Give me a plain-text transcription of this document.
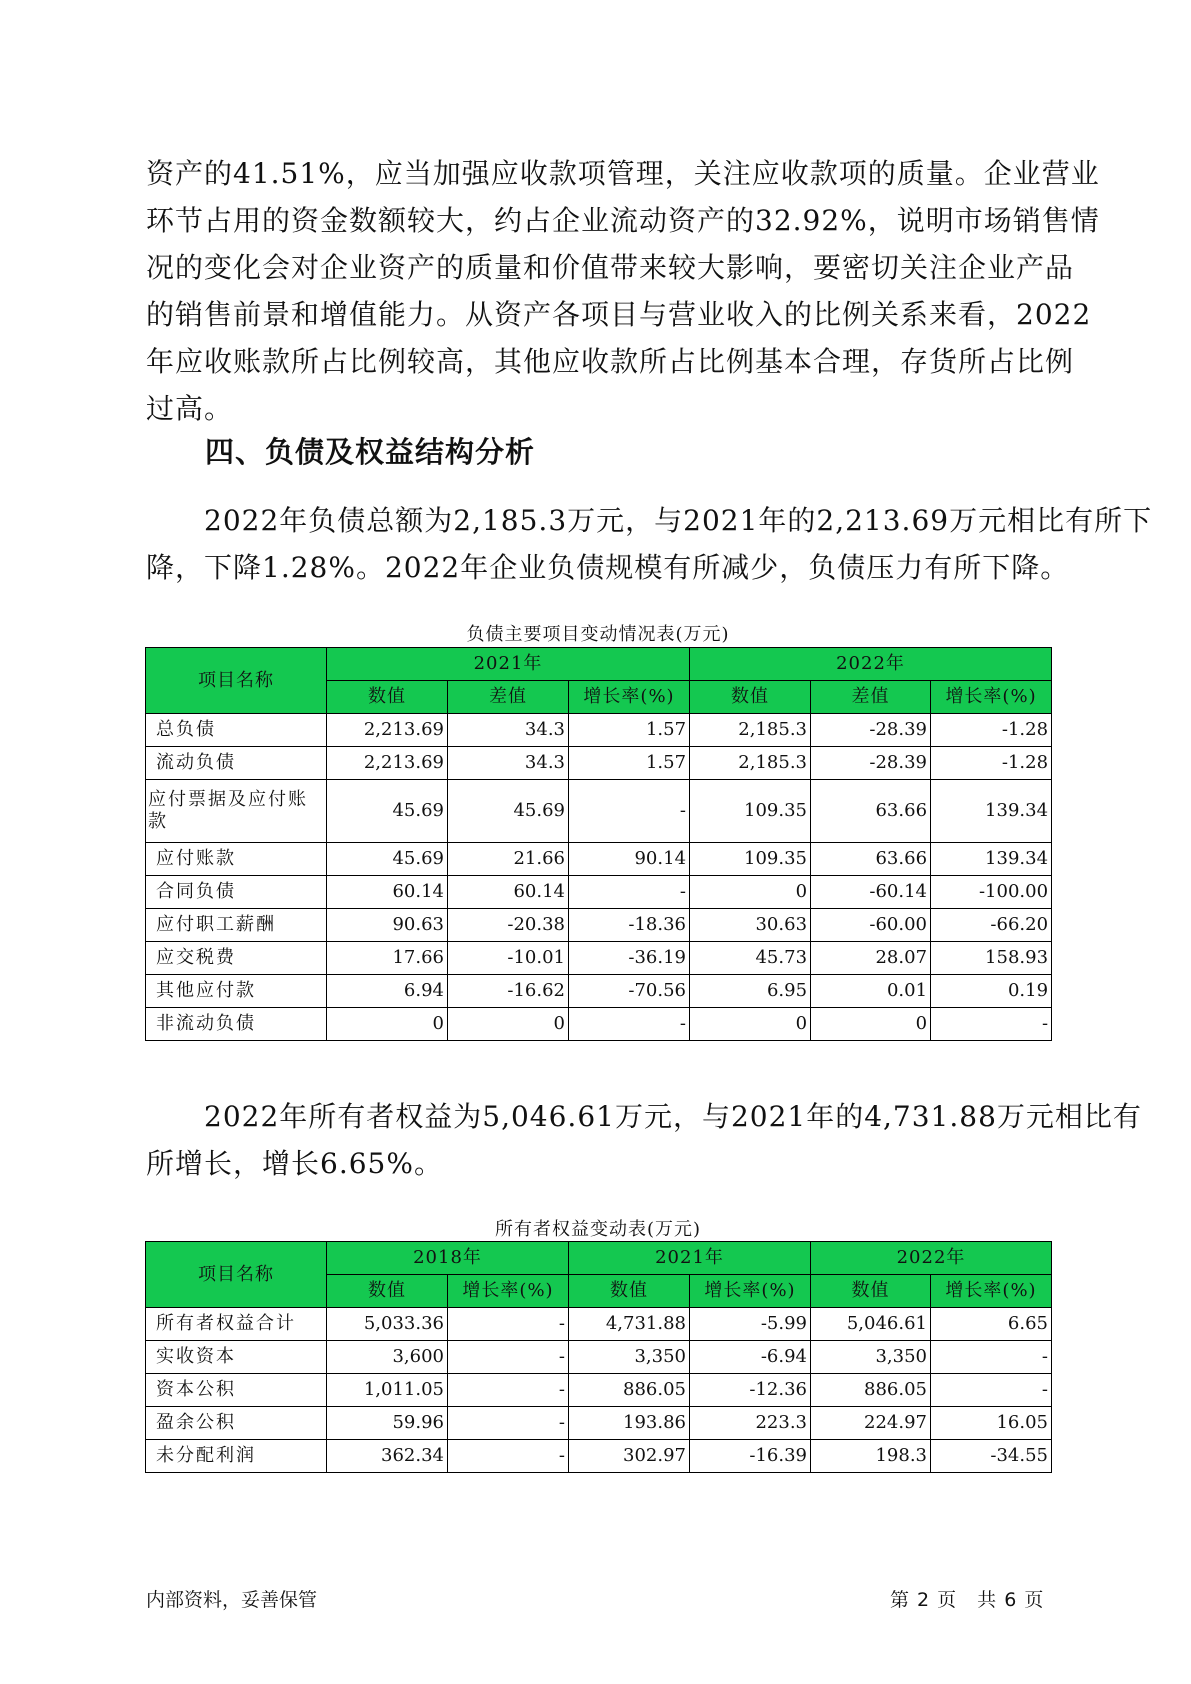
资产的41.51%，应当加强应收款项管理，关注应收款项的质量。企业营业
环节占用的资金数额较大，约占企业流动资产的32.92%，说明市场销售情
况的变化会对企业资产的质量和价值带来较大影响，要密切关注企业产品
的销售前景和增值能力。从资产各项目与营业收入的比例关系来看，2022
年应收账款所占比例较高，其他应收款所占比例基本合理，存货所占比例
过高。

四、负债及权益结构分析

　　2022年负债总额为2,185.3万元，与2021年的2,213.69万元相比有所下
降，下降1.28%。2022年企业负债规模有所减少，负债压力有所下降。

负债主要项目变动情况表(万元)
项目名称	2021年			2022年		
	数值	差值	增长率(%)	数值	差值	增长率(%)
总负债	2,213.69	34.3	1.57	2,185.3	-28.39	-1.28
流动负债	2,213.69	34.3	1.57	2,185.3	-28.39	-1.28
应付票据及应付账款	45.69	45.69	-	109.35	63.66	139.34
应付账款	45.69	21.66	90.14	109.35	63.66	139.34
合同负债	60.14	60.14	-	0	-60.14	-100.00
应付职工薪酬	90.63	-20.38	-18.36	30.63	-60.00	-66.20
应交税费	17.66	-10.01	-36.19	45.73	28.07	158.93
其他应付款	6.94	-16.62	-70.56	6.95	0.01	0.19
非流动负债	0	0	-	0	0	-

　　2022年所有者权益为5,046.61万元，与2021年的4,731.88万元相比有
所增长，增长6.65%。

所有者权益变动表(万元)
项目名称	2018年		2021年		2022年	
	数值	增长率(%)	数值	增长率(%)	数值	增长率(%)
所有者权益合计	5,033.36	-	4,731.88	-5.99	5,046.61	6.65
实收资本	3,600	-	3,350	-6.94	3,350	-
资本公积	1,011.05	-	886.05	-12.36	886.05	-
盈余公积	59.96	-	193.86	223.3	224.97	16.05
未分配利润	362.34	-	302.97	-16.39	198.3	-34.55
内部资料，妥善保管	第 2 页　共 6 页
